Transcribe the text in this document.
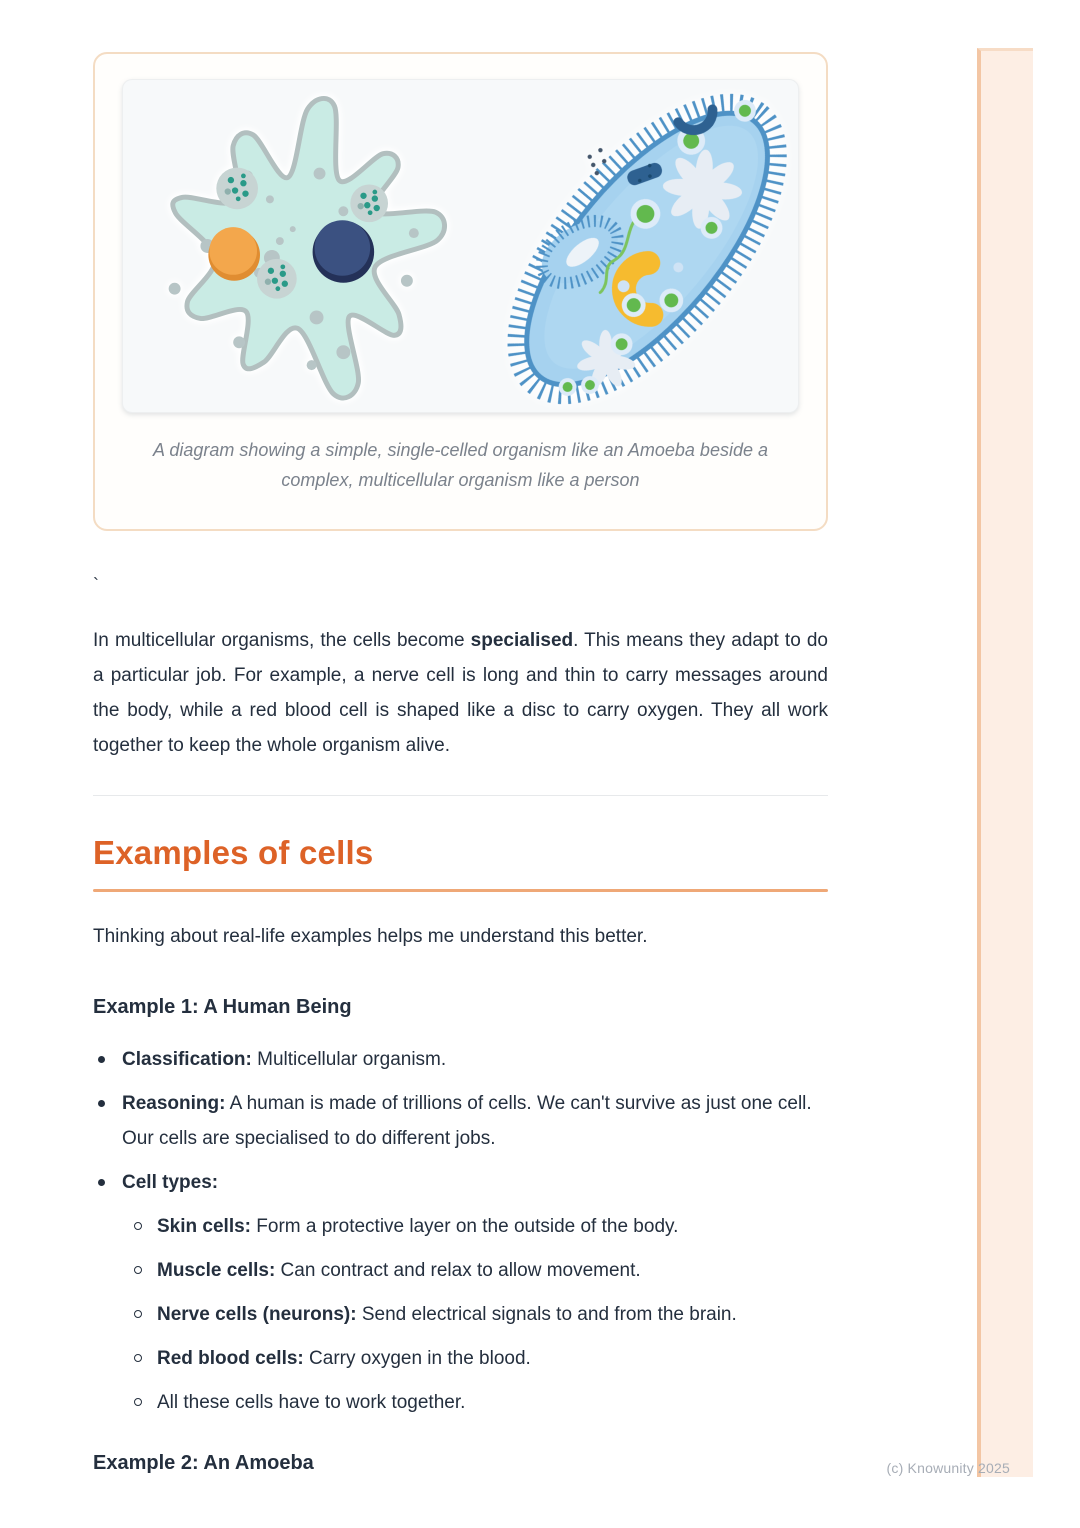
A diagram showing a simple, single-celled organism like an Amoeba beside a complex, multicellular organism like a person
`

In multicellular organisms, the cells become specialised. This means they adapt to do a particular job. For example, a nerve cell is long and thin to carry messages around the body, while a red blood cell is shaped like a disc to carry oxygen. They all work together to keep the whole organism alive.

Examples of cells

Thinking about real-life examples helps me understand this better.

Example 1: A Human Being
Classification: Multicellular organism.
Reasoning: A human is made of trillions of cells. We can't survive as just one cell. Our cells are specialised to do different jobs.
Cell types:
Skin cells: Form a protective layer on the outside of the body.
Muscle cells: Can contract and relax to allow movement.
Nerve cells (neurons): Send electrical signals to and from the brain.
Red blood cells: Carry oxygen in the blood.
All these cells have to work together.
Example 2: An Amoeba	(c) Knowunity 2025
